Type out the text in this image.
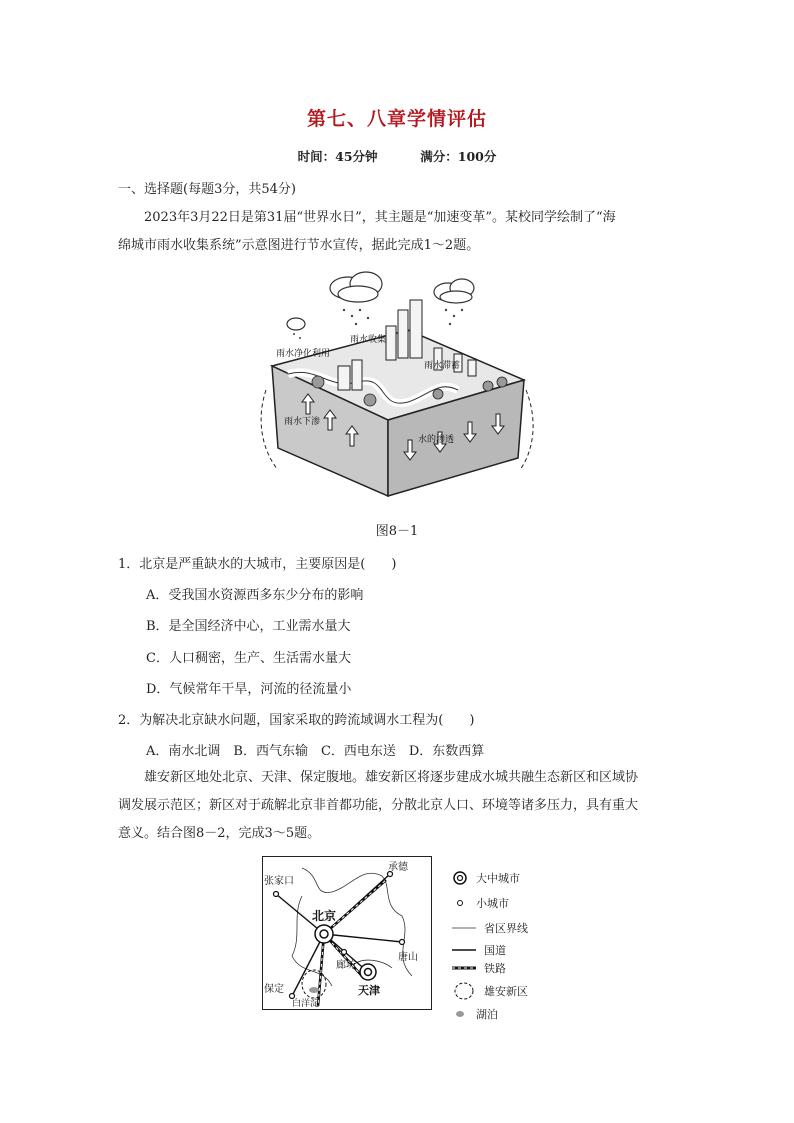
第七、八章学情评估
时间：45分钟	满分：100分
一、选择题(每题3分，共54分)
2023年3月22日是第31届“世界水日”，其主题是“加速变革”。某校同学绘制了“海
绵城市雨水收集系统”示意图进行节水宣传，据此完成1～2题。
雨水净化利用
雨水收集
雨水滞蓄
雨水下渗
水的渗透
图8－1
1．北京是严重缺水的大城市，主要原因是(　　)
A．受我国水资源西多东少分布的影响
B．是全国经济中心，工业需水量大
C．人口稠密，生产、生活需水量大
D．气候常年干旱，河流的径流量小
2．为解决北京缺水问题，国家采取的跨流域调水工程为(　　)
A．南水北调　B．西气东输　C．西电东送　D．东数西算
雄安新区地处北京、天津、保定腹地。雄安新区将逐步建成水城共融生态新区和区域协
调发展示范区；新区对于疏解北京非首都功能，分散北京人口、环境等诸多压力，具有重大
意义。结合图8－2，完成3～5题。
张家口
北京
承德
唐山
廊坊
天津
保定
白洋淀
大中城市
小城市
省区界线
国道
铁路
雄安新区
湖泊
